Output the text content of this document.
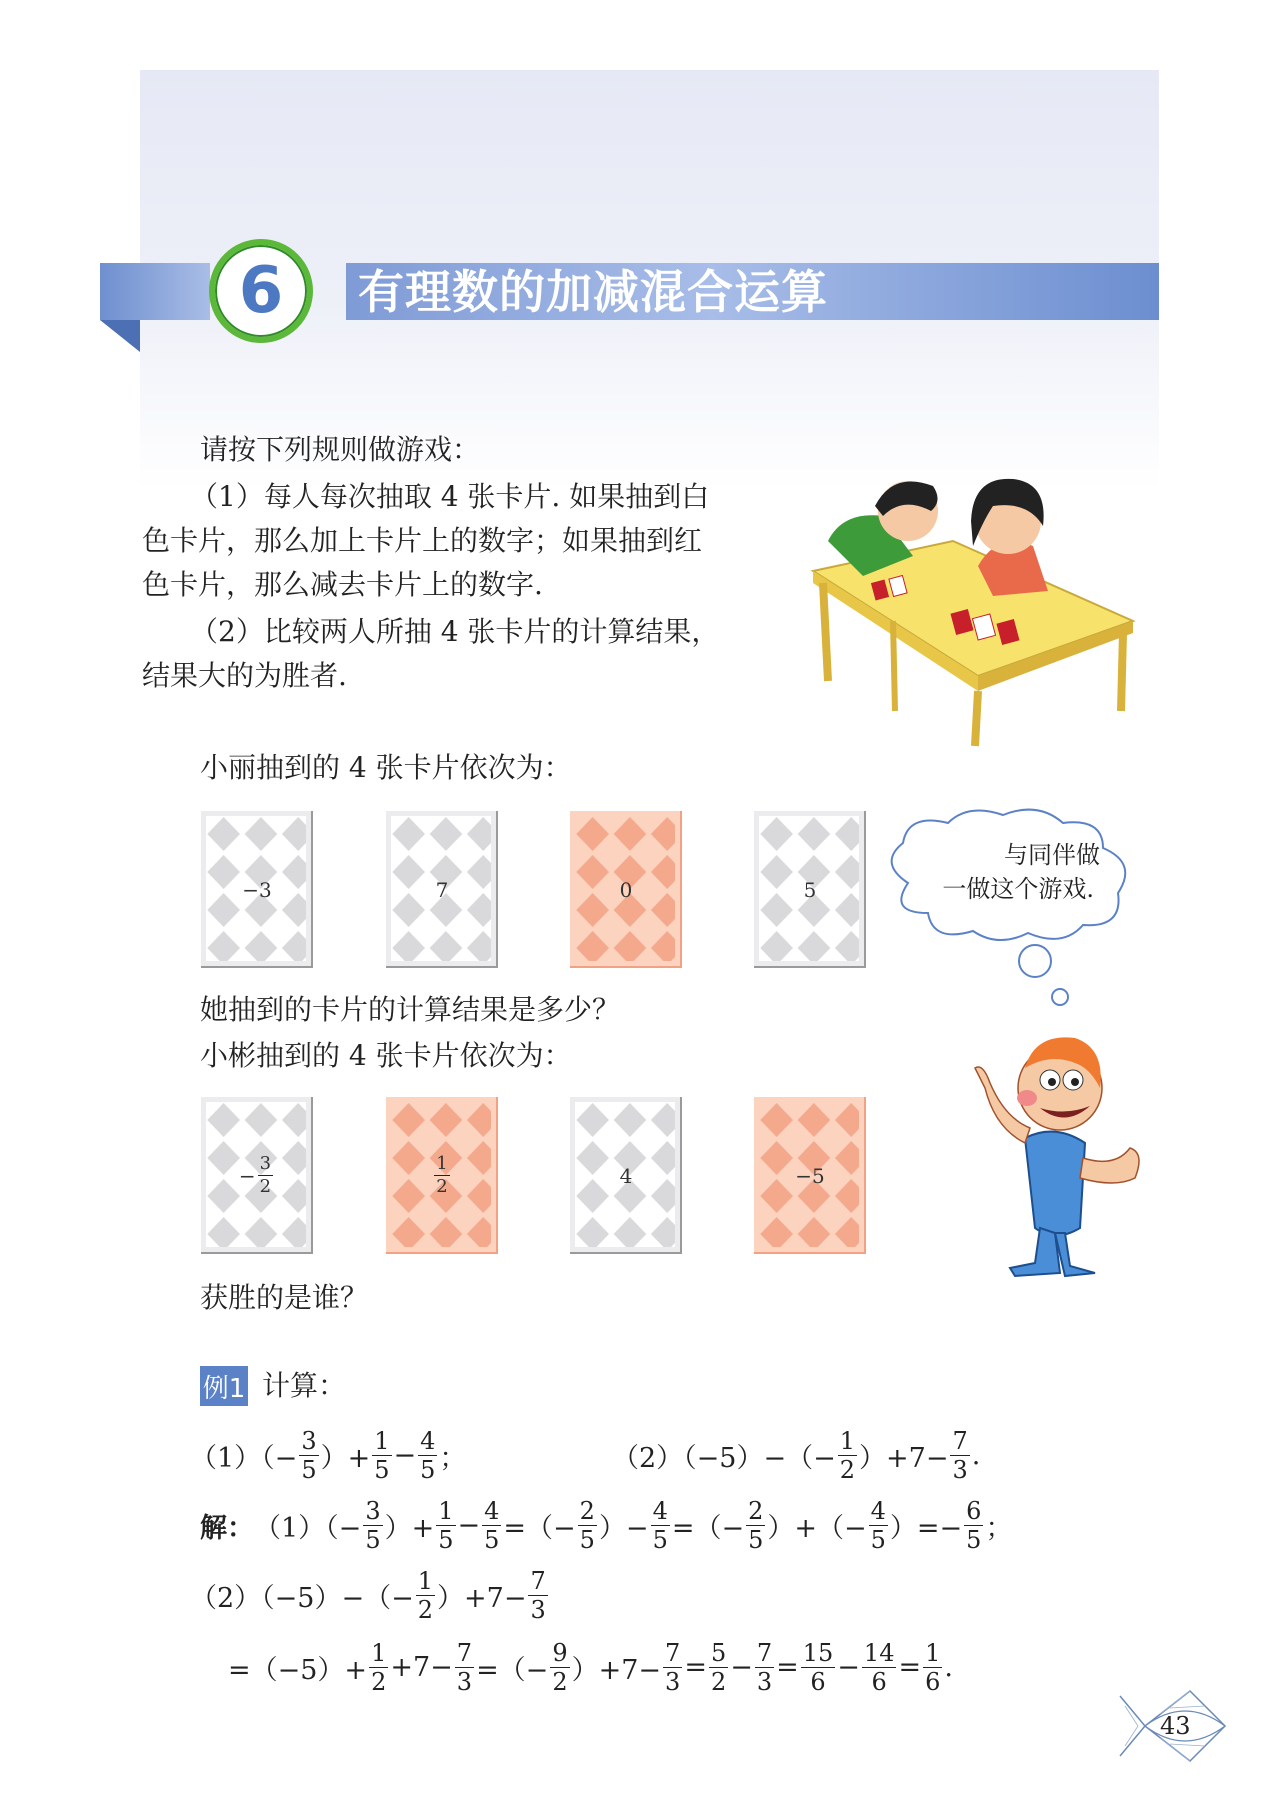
6 有理数的加减混合运算
请按下列规则做游戏：
（1）每人每次抽取 4 张卡片. 如果抽到白
色卡片，那么加上卡片上的数字；如果抽到红
色卡片，那么减去卡片上的数字.
（2）比较两人所抽 4 张卡片的计算结果，
结果大的为胜者.
小丽抽到的 4 张卡片依次为：
−3	7	0	5
与同伴做
一做这个游戏.
她抽到的卡片的计算结果是多少？
小彬抽到的 4 张卡片依次为：
− $\frac{3}{2}$	$\frac{1}{2}$	4	−5
获胜的是谁？
例1 计算：
$(1)(- \frac{3}{5}$ ）+ $\frac{1}{5} - \frac{4}{5}$ ；	$(2)(-5)-(- \frac{1}{2} )+7- \frac{7}{3}$ .
解： $(1)(- \frac{3}{5}$ ）+ $\frac{1}{5} - \frac{4}{5}$ =（− $\frac{2}{5}$ ）− $\frac{4}{5}$ =（− $\frac{2}{5}$ ）+（− $\frac{4}{5}$ ）=− $\frac{6}{5}$ ；
$(2)(-5)-(- \frac{1}{2} )+7- \frac{7}{3}$
$=(-5)+ \frac{1}{2} +7- \frac{7}{3}$ =（− $\frac{9}{2} )+7- \frac{7}{3} = \frac{5}{2} - \frac{7}{3} = \frac{15}{6} - \frac{14}{6} = \frac{1}{6}$ .
43
